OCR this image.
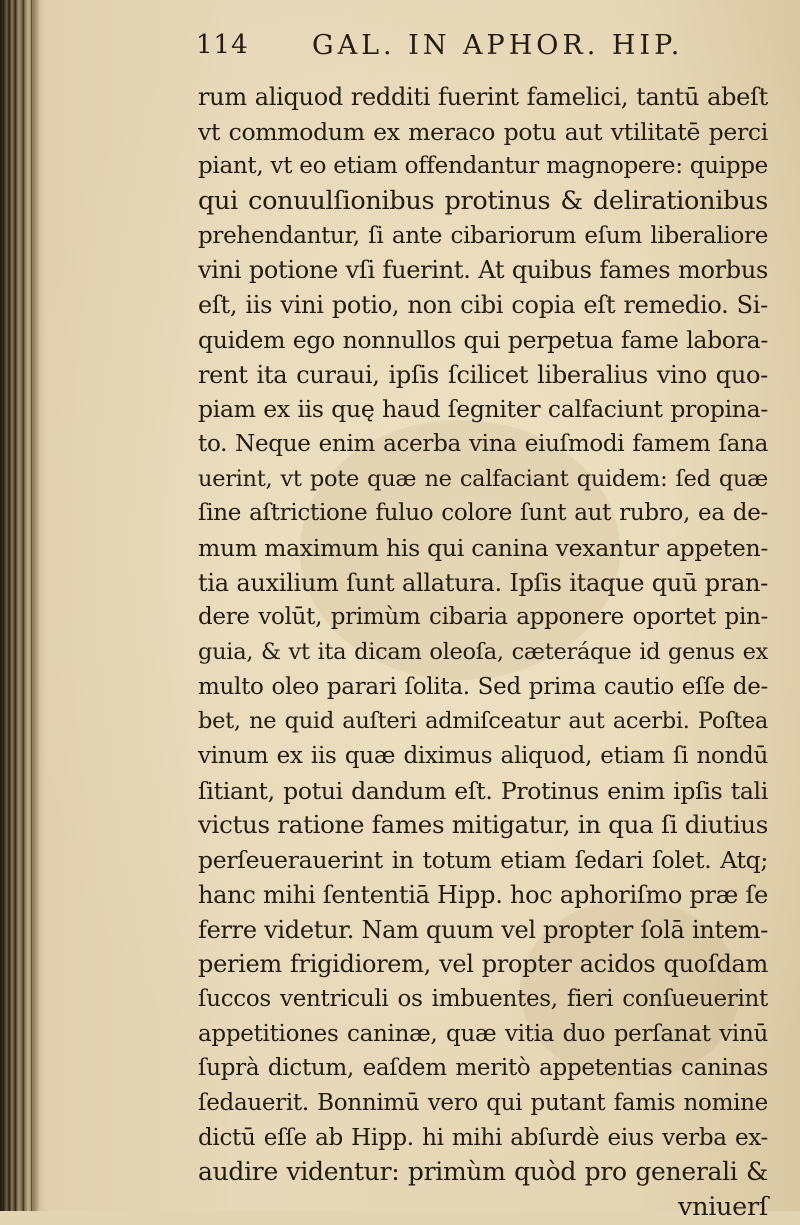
114 GAL. IN APHOR. HIP.
rum aliquod redditi fuerint famelici, tantū abeſt
vt commodum ex meraco potu aut vtilitatē perci
piant, vt eo etiam offendantur magnopere: quippe
qui conuulſionibus protinus & delirationibus
prehendantur, ſi ante cibariorum eſum liberaliore
vini potione vſi fuerint. At quibus fames morbus
eſt, iis vini potio, non cibi copia eſt remedio. Si-
quidem ego nonnullos qui perpetua fame labora-
rent ita curaui, ipſis ſcilicet liberalius vino quo-
piam ex iis quę haud ſegniter calfaciunt propina-
to. Neque enim acerba vina eiuſmodi famem ſana
uerint, vt pote quæ ne calfaciant quidem: ſed quæ
ſine aſtrictione fuluo colore ſunt aut rubro, ea de-
mum maximum his qui canina vexantur appeten-
tia auxilium ſunt allatura. Ipſis itaque quū pran-
dere volūt, primùm cibaria apponere oportet pin-
guia, & vt ita dicam oleoſa, cæteráque id genus ex
multo oleo parari ſolita. Sed prima cautio eſſe de-
bet, ne quid auſteri admiſceatur aut acerbi. Poſtea
vinum ex iis quæ diximus aliquod, etiam ſi nondū
ſitiant, potui dandum eſt. Protinus enim ipſis tali
victus ratione fames mitigatur, in qua ſi diutius
perſeuerauerint in totum etiam ſedari ſolet. Atq;
hanc mihi ſententiā Hipp. hoc aphoriſmo præ ſe
ferre videtur. Nam quum vel propter ſolā intem-
periem frigidiorem, vel propter acidos quoſdam
ſuccos ventriculi os imbuentes, fieri conſueuerint
appetitiones caninæ, quæ vitia duo perſanat vinū
ſuprà dictum, eaſdem meritò appetentias caninas
ſedauerit. Bonnimū vero qui putant famis nomine
dictū eſſe ab Hipp. hi mihi abſurdè eius verba ex-
audire videntur: primùm quòd pro generali &
vniuerſ
